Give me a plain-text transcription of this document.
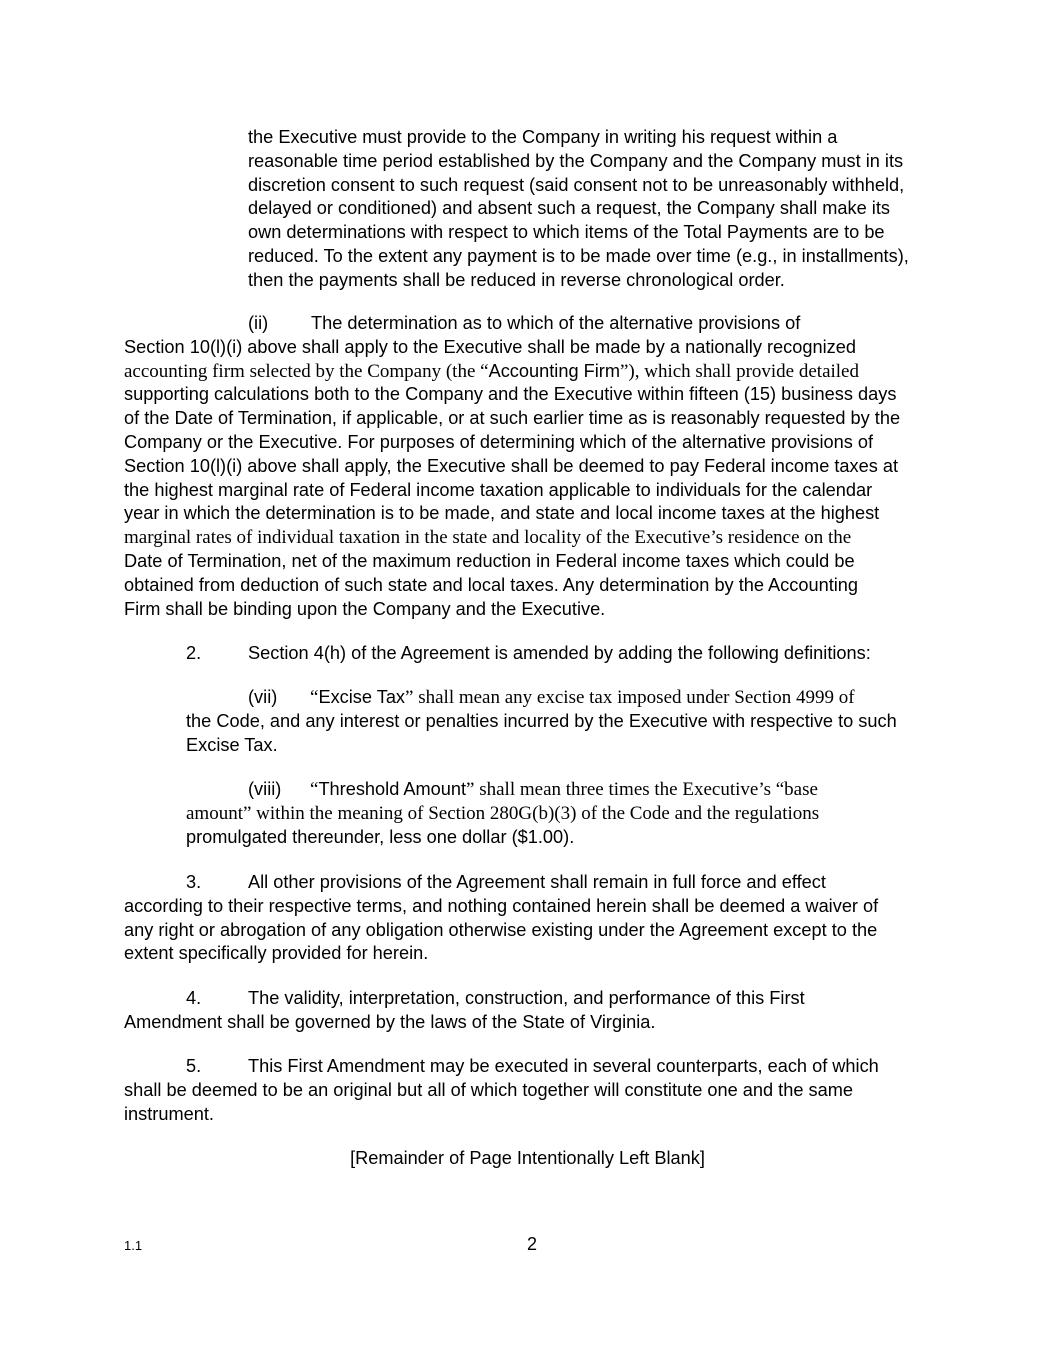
the Executive must provide to the Company in writing his request within a
reasonable time period established by the Company and the Company must in its
discretion consent to such request (said consent not to be unreasonably withheld,
delayed or conditioned) and absent such a request, the Company shall make its
own determinations with respect to which items of the Total Payments are to be
reduced. To the extent any payment is to be made over time (e.g., in installments),
then the payments shall be reduced in reverse chronological order.
(ii) The determination as to which of the alternative provisions of
Section 10(l)(i) above shall apply to the Executive shall be made by a nationally recognized
accounting firm selected by the Company (the “Accounting Firm”), which shall provide detailed
supporting calculations both to the Company and the Executive within fifteen (15) business days
of the Date of Termination, if applicable, or at such earlier time as is reasonably requested by the
Company or the Executive. For purposes of determining which of the alternative provisions of
Section 10(l)(i) above shall apply, the Executive shall be deemed to pay Federal income taxes at
the highest marginal rate of Federal income taxation applicable to individuals for the calendar
year in which the determination is to be made, and state and local income taxes at the highest
marginal rates of individual taxation in the state and locality of the Executive’s residence on the
Date of Termination, net of the maximum reduction in Federal income taxes which could be
obtained from deduction of such state and local taxes. Any determination by the Accounting
Firm shall be binding upon the Company and the Executive.
2.	Section 4(h) of the Agreement is amended by adding the following definitions:
(vii) “Excise Tax” shall mean any excise tax imposed under Section 4999 of
the Code, and any interest or penalties incurred by the Executive with respective to such
Excise Tax.
(viii) “Threshold Amount” shall mean three times the Executive’s “base
amount” within the meaning of Section 280G(b)(3) of the Code and the regulations
promulgated thereunder, less one dollar ($1.00).
3.	All other provisions of the Agreement shall remain in full force and effect
according to their respective terms, and nothing contained herein shall be deemed a waiver of
any right or abrogation of any obligation otherwise existing under the Agreement except to the
extent specifically provided for herein.
4.	The validity, interpretation, construction, and performance of this First
Amendment shall be governed by the laws of the State of Virginia.
5.	This First Amendment may be executed in several counterparts, each of which
shall be deemed to be an original but all of which together will constitute one and the same
instrument.

[Remainder of Page Intentionally Left Blank]

1.1	2
